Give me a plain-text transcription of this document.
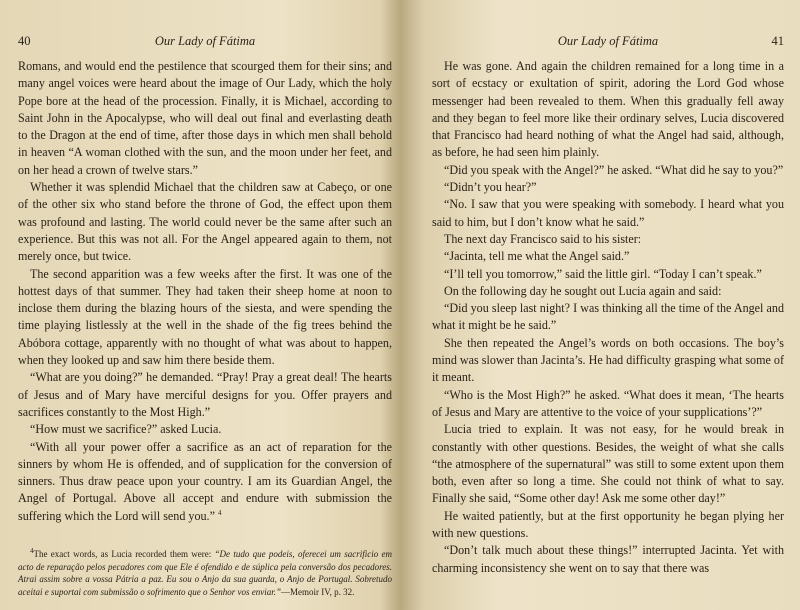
40	Our Lady of Fátima

Romans, and would end the pestilence that scourged them for their sins; and many angel voices were heard about the image of Our Lady, which the holy Pope bore at the head of the procession. Finally, it is Michael, according to Saint John in the Apocalypse, who will deal out final and everlasting death to the Dragon at the end of time, after those days in which men shall behold in heaven “A woman clothed with the sun, and the moon under her feet, and on her head a crown of twelve stars.”

Whether it was splendid Michael that the children saw at Cabeço, or one of the other six who stand before the throne of God, the effect upon them was profound and lasting. The world could never be the same after such an experience. But this was not all. For the Angel appeared again to them, not merely once, but twice.

The second apparition was a few weeks after the first. It was one of the hottest days of that summer. They had taken their sheep home at noon to inclose them during the blazing hours of the siesta, and were spending the time playing listlessly at the well in the shade of the fig trees behind the Abóbora cottage, apparently with no thought of what was about to happen, when they looked up and saw him there beside them.

“What are you doing?” he demanded. “Pray! Pray a great deal! The hearts of Jesus and of Mary have merciful designs for you. Offer prayers and sacrifices constantly to the Most High.”

“How must we sacrifice?” asked Lucia.

“With all your power offer a sacrifice as an act of reparation for the sinners by whom He is offended, and of supplication for the conversion of sinners. Thus draw peace upon your country. I am its Guardian Angel, the Angel of Portugal. Above all accept and endure with submission the suffering which the Lord will send you.” $^4$

$^4$The exact words, as Lucia recorded them were: “De tudo que podeis, oferecei um sacrificio em acto de reparação pelos pecadores com que Ele é ofendido e de súplica pela conversão dos pecadores. Atrai assim sobre a vossa Pátria a paz. Eu sou o Anjo da sua guarda, o Anjo de Portugal. Sobretudo aceitai e suportai com submissão o sofrimento que o Senhor vos enviar.”—Memoir IV, p. 32.
Our Lady of Fátima	41

He was gone. And again the children remained for a long time in a sort of ecstacy or exultation of spirit, adoring the Lord God whose messenger had been revealed to them. When this gradually fell away and they began to feel more like their ordinary selves, Lucia discovered that Francisco had heard nothing of what the Angel had said, although, as before, he had seen him plainly.

“Did you speak with the Angel?” he asked. “What did he say to you?”

“Didn’t you hear?”

“No. I saw that you were speaking with somebody. I heard what you said to him, but I don’t know what he said.”

The next day Francisco said to his sister:

“Jacinta, tell me what the Angel said.”

“I’ll tell you tomorrow,” said the little girl. “Today I can’t speak.”

On the following day he sought out Lucia again and said:

“Did you sleep last night? I was thinking all the time of the Angel and what it might be he said.”

She then repeated the Angel’s words on both occasions. The boy’s mind was slower than Jacinta’s. He had difficulty grasping what some of it meant.

“Who is the Most High?” he asked. “What does it mean, ‘The hearts of Jesus and Mary are attentive to the voice of your supplications’?”

Lucia tried to explain. It was not easy, for he would break in constantly with other questions. Besides, the weight of what she calls “the atmosphere of the supernatural” was still to some extent upon them both, even after so long a time. She could not think of what to say. Finally she said, “Some other day! Ask me some other day!”

He waited patiently, but at the first opportunity he began plying her with new questions.

“Don’t talk much about these things!” interrupted Jacinta. Yet with charming inconsistency she went on to say that there was
